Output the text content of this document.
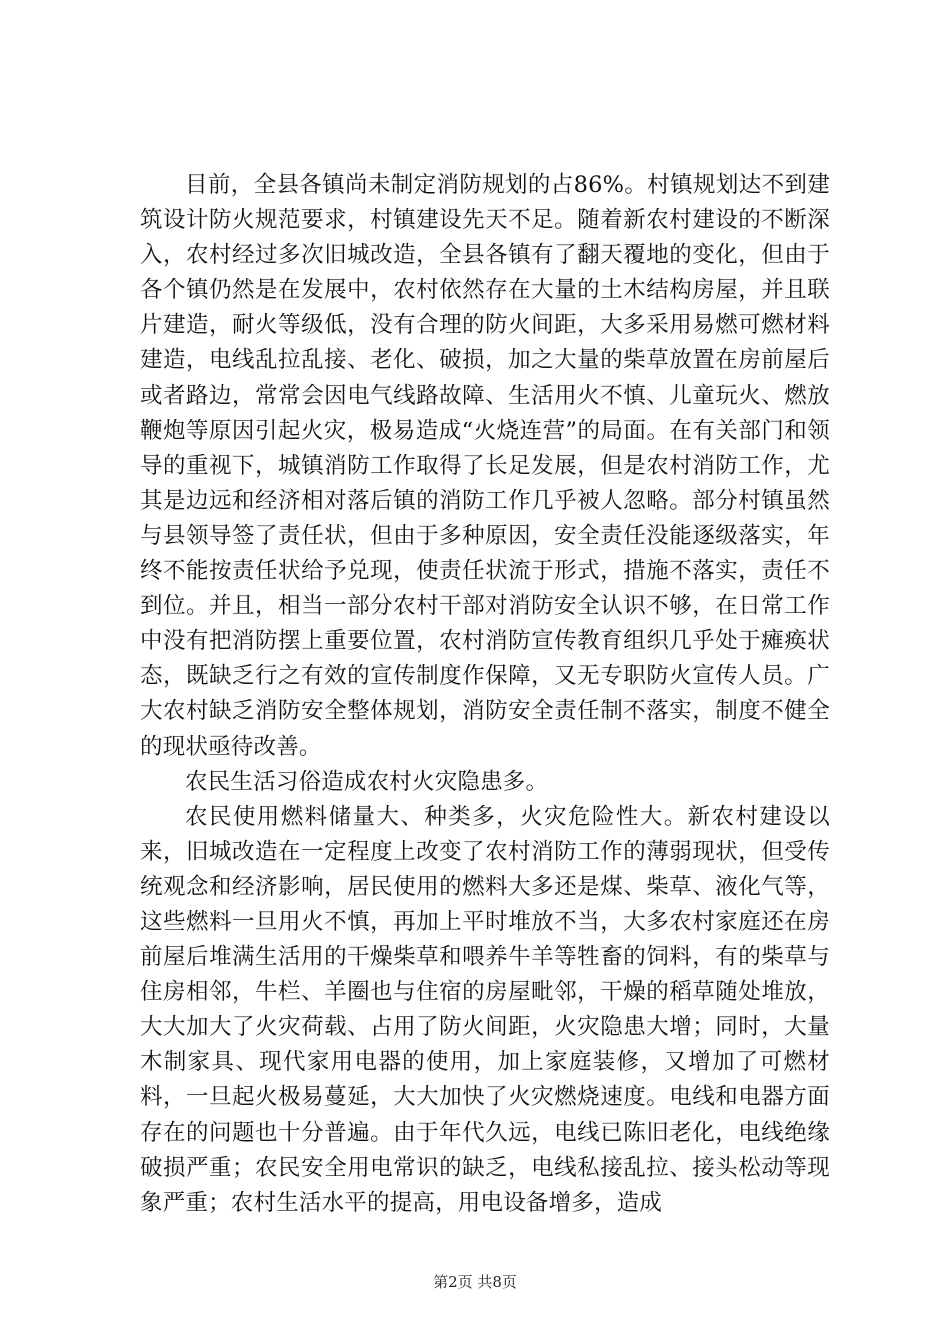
目前，全县各镇尚未制定消防规划的占86%。村镇规划达不到建筑设计防火规范要求，村镇建设先天不足。随着新农村建设的不断深入，农村经过多次旧城改造，全县各镇有了翻天覆地的变化，但由于各个镇仍然是在发展中，农村依然存在大量的土木结构房屋，并且联片建造，耐火等级低，没有合理的防火间距，大多采用易燃可燃材料建造，电线乱拉乱接、老化、破损，加之大量的柴草放置在房前屋后或者路边，常常会因电气线路故障、生活用火不慎、儿童玩火、燃放鞭炮等原因引起火灾，极易造成“火烧连营”的局面。在有关部门和领导的重视下，城镇消防工作取得了长足发展，但是农村消防工作，尤其是边远和经济相对落后镇的消防工作几乎被人忽略。部分村镇虽然与县领导签了责任状，但由于多种原因，安全责任没能逐级落实，年终不能按责任状给予兑现，使责任状流于形式，措施不落实，责任不到位。并且，相当一部分农村干部对消防安全认识不够，在日常工作中没有把消防摆上重要位置，农村消防宣传教育组织几乎处于瘫痪状态，既缺乏行之有效的宣传制度作保障，又无专职防火宣传人员。广大农村缺乏消防安全整体规划，消防安全责任制不落实，制度不健全的现状亟待改善。

农民生活习俗造成农村火灾隐患多。

农民使用燃料储量大、种类多，火灾危险性大。新农村建设以来，旧城改造在一定程度上改变了农村消防工作的薄弱现状，但受传统观念和经济影响，居民使用的燃料大多还是煤、柴草、液化气等，这些燃料一旦用火不慎，再加上平时堆放不当，大多农村家庭还在房前屋后堆满生活用的干燥柴草和喂养牛羊等牲畜的饲料，有的柴草与住房相邻，牛栏、羊圈也与住宿的房屋毗邻，干燥的稻草随处堆放，大大加大了火灾荷载、占用了防火间距，火灾隐患大增；同时，大量木制家具、现代家用电器的使用，加上家庭装修，又增加了可燃材料，一旦起火极易蔓延，大大加快了火灾燃烧速度。电线和电器方面存在的问题也十分普遍。由于年代久远，电线已陈旧老化，电线绝缘破损严重；农民安全用电常识的缺乏，电线私接乱拉、接头松动等现象严重；农村生活水平的提高，用电设备增多，造成

第2页 共8页
